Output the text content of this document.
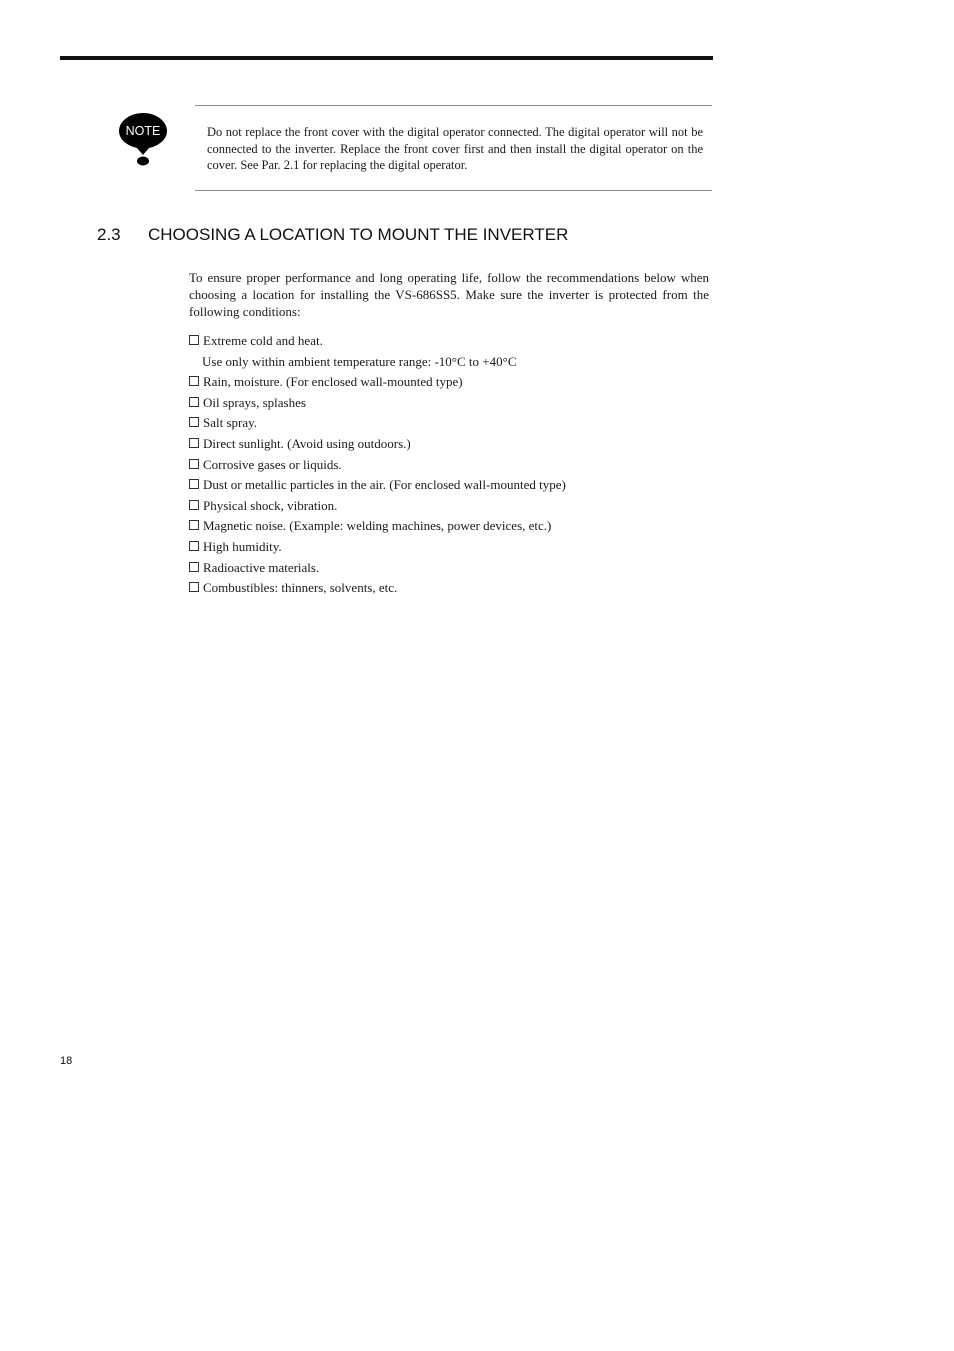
NOTE	Do not replace the front cover with the digital operator connected. The digital operator will not be connected to the inverter. Replace the front cover first and then install the digital operator on the cover. See Par. 2.1 for replacing the digital operator.
2.3 CHOOSING A LOCATION TO MOUNT THE INVERTER
To ensure proper performance and long operating life, follow the recommendations below when choosing a location for installing the VS-686SS5. Make sure the inverter is protected from the following conditions:
Extreme cold and heat.
Use only within ambient temperature range: -10°C to +40°C
Rain, moisture. (For enclosed wall-mounted type)
Oil sprays, splashes
Salt spray.
Direct sunlight. (Avoid using outdoors.)
Corrosive gases or liquids.
Dust or metallic particles in the air. (For enclosed wall-mounted type)
Physical shock, vibration.
Magnetic noise. (Example: welding machines, power devices, etc.)
High humidity.
Radioactive materials.
Combustibles: thinners, solvents, etc.
18
